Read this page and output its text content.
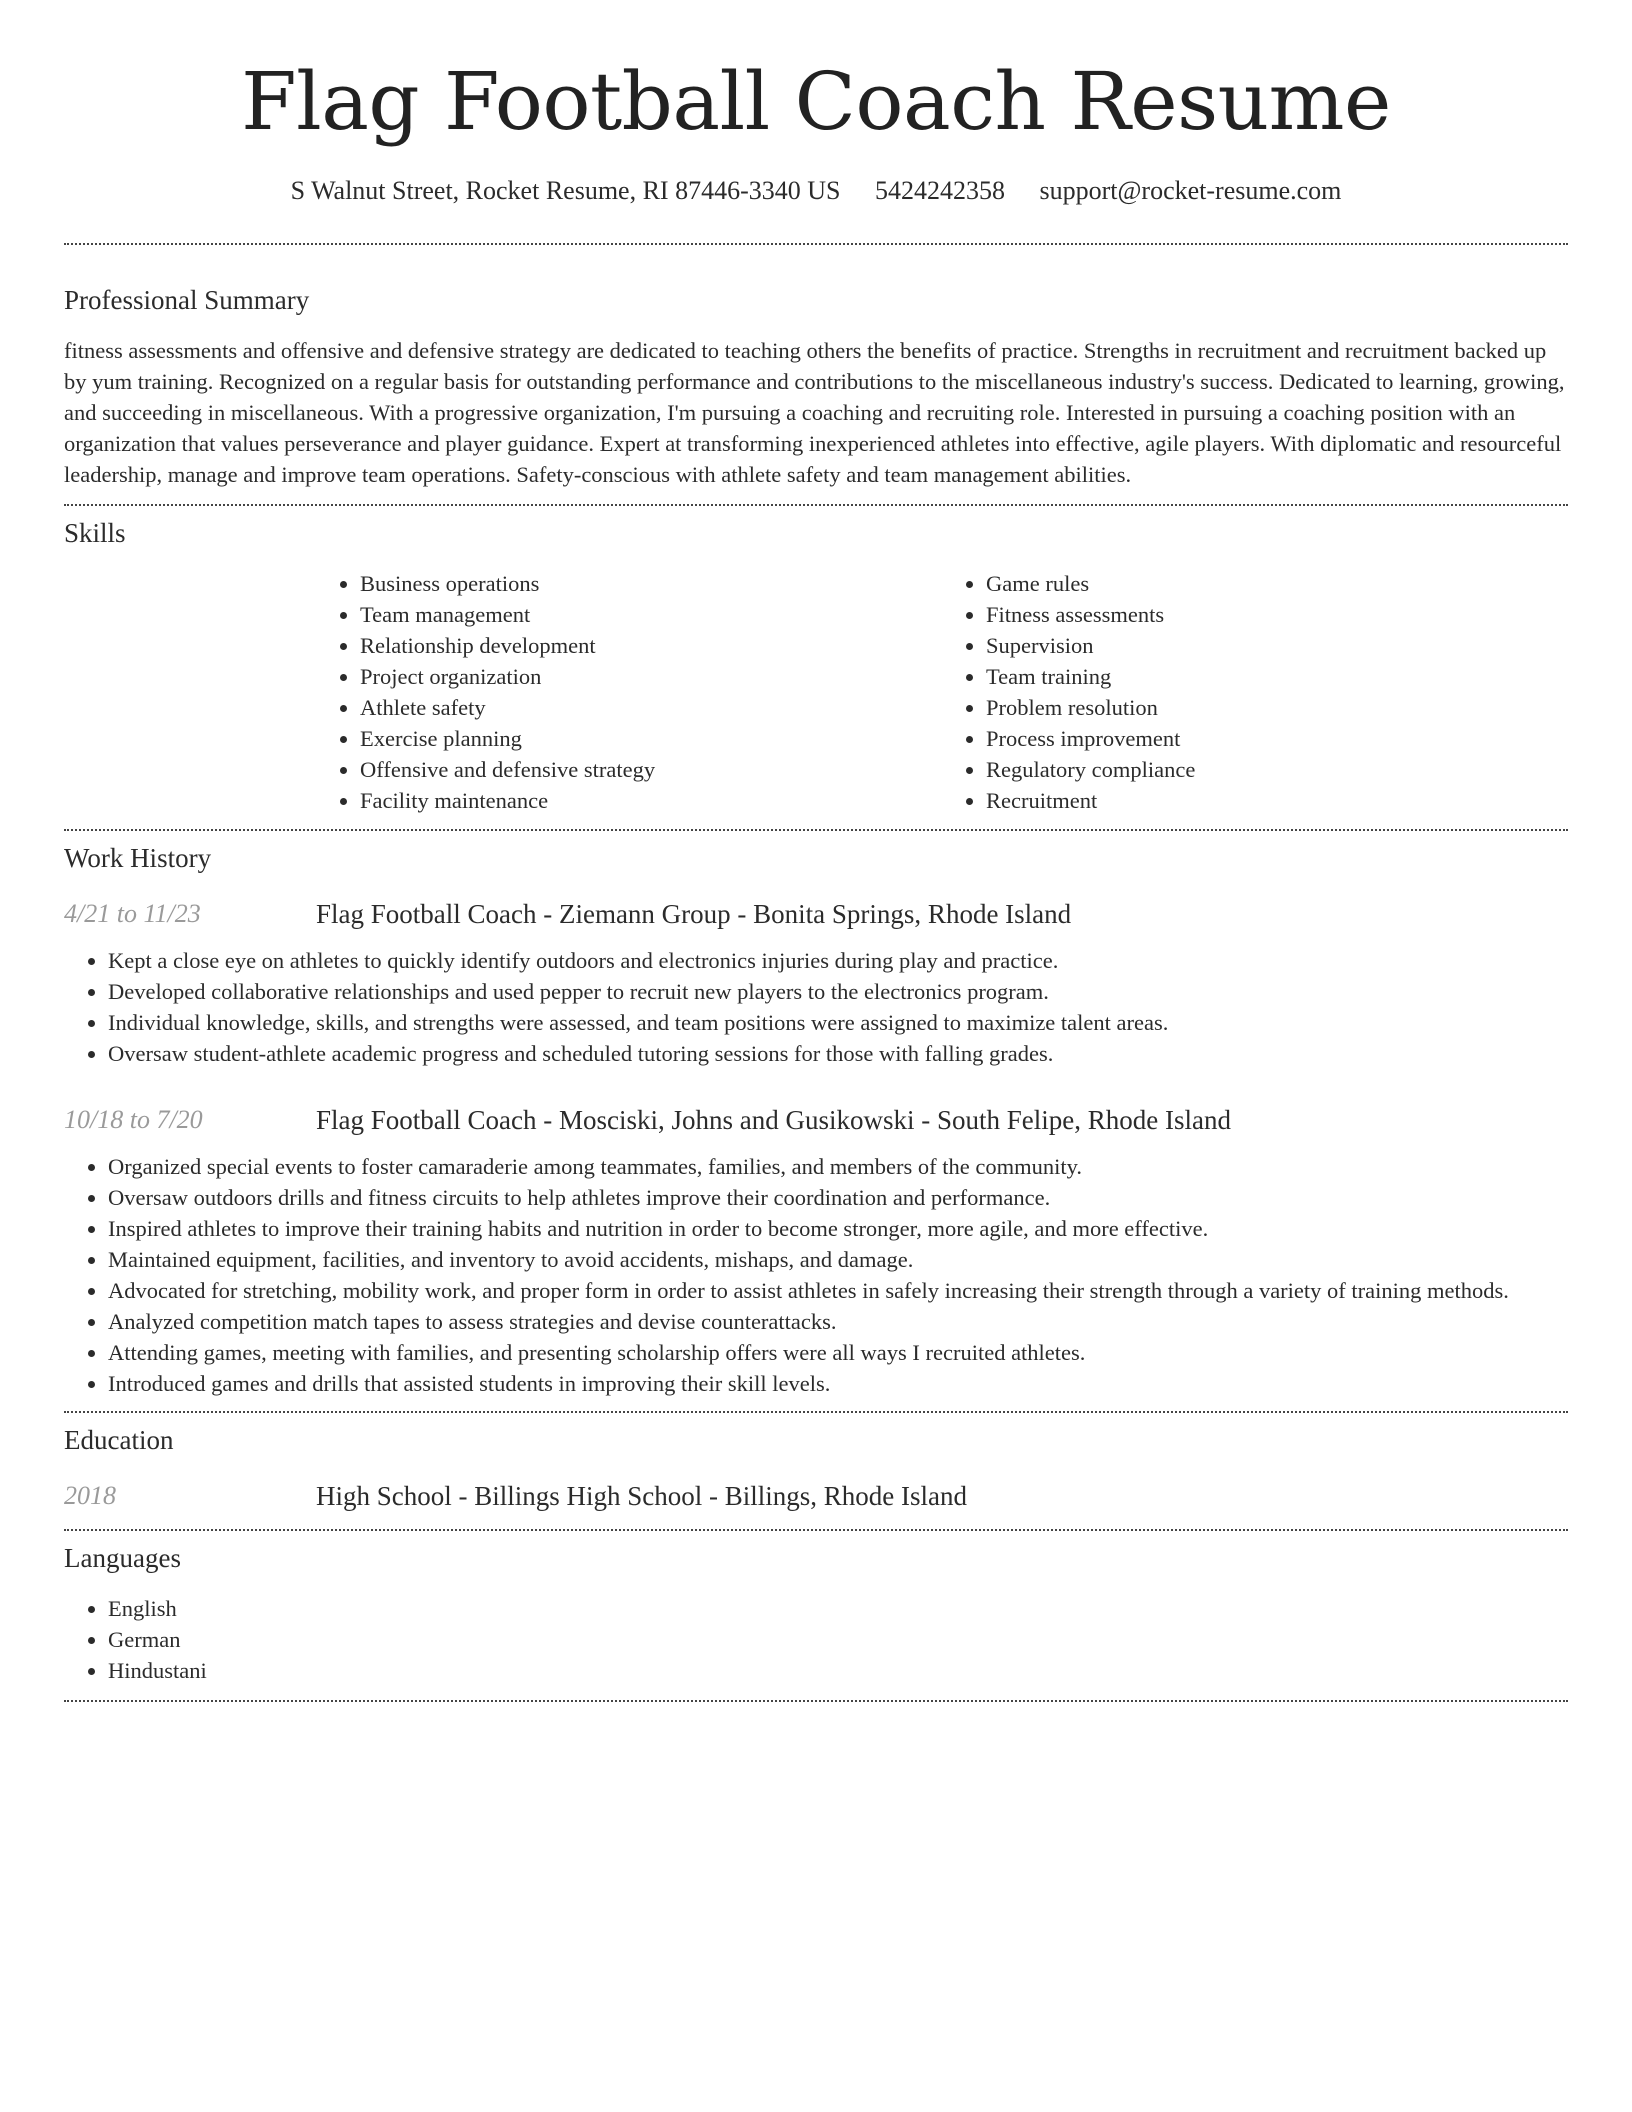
Flag Football Coach Resume
S Walnut Street, Rocket Resume, RI 87446-3340 US 5424242358 support@rocket-resume.com
Professional Summary

fitness assessments and offensive and defensive strategy are dedicated to teaching others the benefits of practice. Strengths in recruitment and recruitment backed up by yum training. Recognized on a regular basis for outstanding performance and contributions to the miscellaneous industry's success. Dedicated to learning, growing, and succeeding in miscellaneous. With a progressive organization, I'm pursuing a coaching and recruiting role. Interested in pursuing a coaching position with an organization that values perseverance and player guidance. Expert at transforming inexperienced athletes into effective, agile players. With diplomatic and resourceful leadership, manage and improve team operations. Safety-conscious with athlete safety and team management abilities.

Skills
• Business operations
• Team management
• Relationship development
• Project organization
• Athlete safety
• Exercise planning
• Offensive and defensive strategy
• Facility maintenance
• Game rules
• Fitness assessments
• Supervision
• Team training
• Problem resolution
• Process improvement
• Regulatory compliance
• Recruitment
Work History
4/21 to 11/23	Flag Football Coach - Ziemann Group - Bonita Springs, Rhode Island
• Kept a close eye on athletes to quickly identify outdoors and electronics injuries during play and practice.
• Developed collaborative relationships and used pepper to recruit new players to the electronics program.
• Individual knowledge, skills, and strengths were assessed, and team positions were assigned to maximize talent areas.
• Oversaw student-athlete academic progress and scheduled tutoring sessions for those with falling grades.
10/18 to 7/20	Flag Football Coach - Mosciski, Johns and Gusikowski - South Felipe, Rhode Island
• Organized special events to foster camaraderie among teammates, families, and members of the community.
• Oversaw outdoors drills and fitness circuits to help athletes improve their coordination and performance.
• Inspired athletes to improve their training habits and nutrition in order to become stronger, more agile, and more effective.
• Maintained equipment, facilities, and inventory to avoid accidents, mishaps, and damage.
• Advocated for stretching, mobility work, and proper form in order to assist athletes in safely increasing their strength through a variety of training methods.
• Analyzed competition match tapes to assess strategies and devise counterattacks.
• Attending games, meeting with families, and presenting scholarship offers were all ways I recruited athletes.
• Introduced games and drills that assisted students in improving their skill levels.
Education
2018	High School - Billings High School - Billings, Rhode Island
Languages
• English
• German
• Hindustani
